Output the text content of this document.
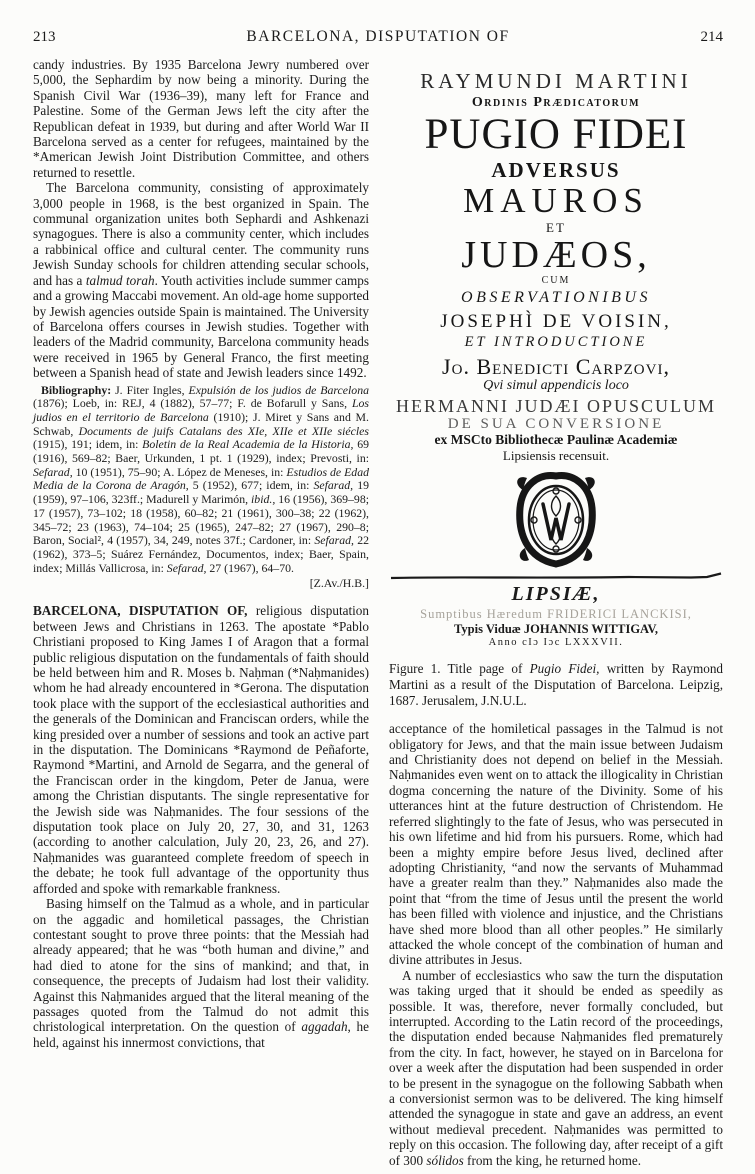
213	BARCELONA, DISPUTATION OF	214

candy industries. By 1935 Barcelona Jewry numbered over 5,000, the Sephardim by now being a minority. During the Spanish Civil War (1936–39), many left for France and Palestine. Some of the German Jews left the city after the Republican defeat in 1939, but during and after World War II Barcelona served as a center for refugees, maintained by the *American Jewish Joint Distribution Committee, and others returned to resettle.

The Barcelona community, consisting of approximately 3,000 people in 1968, is the best organized in Spain. The communal organization unites both Sephardi and Ashkenazi synagogues. There is also a community center, which includes a rabbinical office and cultural center. The community runs Jewish Sunday schools for children attending secular schools, and has a talmud torah. Youth activities include summer camps and a growing Maccabi movement. An old-age home supported by Jewish agencies outside Spain is maintained. The University of Barcelona offers courses in Jewish studies. Together with leaders of the Madrid community, Barcelona community heads were received in 1965 by General Franco, the first meeting between a Spanish head of state and Jewish leaders since 1492.

Bibliography: J. Fiter Ingles, Expulsión de los judios de Barcelona (1876); Loeb, in: REJ, 4 (1882), 57–77; F. de Bofarull y Sans, Los judios en el territorio de Barcelona (1910); J. Miret y Sans and M. Schwab, Documents de juifs Catalans des XIe, XIIe et XIIe siécles (1915), 191; idem, in: Boletin de la Real Academia de la Historia, 69 (1916), 569–82; Baer, Urkunden, 1 pt. 1 (1929), index; Prevosti, in: Sefarad, 10 (1951), 75–90; A. López de Meneses, in: Estudios de Edad Media de la Corona de Aragón, 5 (1952), 677; idem, in: Sefarad, 19 (1959), 97–106, 323ff.; Madurell y Marimón, ibid., 16 (1956), 369–98; 17 (1957), 73–102; 18 (1958), 60–82; 21 (1961), 300–38; 22 (1962), 345–72; 23 (1963), 74–104; 25 (1965), 247–82; 27 (1967), 290–8; Baron, Social², 4 (1957), 34, 249, notes 37f.; Cardoner, in: Sefarad, 22 (1962), 373–5; Suárez Fernández, Documentos, index; Baer, Spain, index; Millás Vallicrosa, in: Sefarad, 27 (1967), 64–70.

[Z.Av./H.B.]

BARCELONA, DISPUTATION OF, religious disputation between Jews and Christians in 1263. The apostate *Pablo Christiani proposed to King James I of Aragon that a formal public religious disputation on the fundamentals of faith should be held between him and R. Moses b. Naḥman (*Naḥmanides) whom he had already encountered in *Gerona. The disputation took place with the support of the ecclesiastical authorities and the generals of the Dominican and Franciscan orders, while the king presided over a number of sessions and took an active part in the disputation. The Dominicans *Raymond de Peñaforte, Raymond *Martini, and Arnold de Segarra, and the general of the Franciscan order in the kingdom, Peter de Janua, were among the Christian disputants. The single representative for the Jewish side was Naḥmanides. The four sessions of the disputation took place on July 20, 27, 30, and 31, 1263 (according to another calculation, July 20, 23, 26, and 27). Naḥmanides was guaranteed complete freedom of speech in the debate; he took full advantage of the opportunity thus afforded and spoke with remarkable frankness.

Basing himself on the Talmud as a whole, and in particular on the aggadic and homiletical passages, the Christian contestant sought to prove three points: that the Messiah had already appeared; that he was “both human and divine,” and had died to atone for the sins of mankind; and that, in consequence, the precepts of Judaism had lost their validity. Against this Naḥmanides argued that the literal meaning of the passages quoted from the Talmud do not admit this christological interpretation. On the question of aggadah, he held, against his innermost convictions, that

RAYMUNDI MARTINI
Ordinis Prædicatorum
PUGIO FIDEI
ADVERSUS
MAUROS
ET
JUDÆOS,
CUM
OBSERVATIONIBUS
JOSEPHÌ DE VOISIN,
ET INTRODUCTIONE
Jo. Benedicti Carpzovi,
Qvi simul appendicis loco
HERMANNI JUDÆI OPUSCULUM
DE SUA CONVERSIONE
ex MSCto Bibliothecæ Paulinæ Academiæ
Lipsiensis recensuit.
LIPSIÆ,
Sumptibus Hæredum FRIDERICI LANCKISI,
Typis Viduæ JOHANNIS WITTIGAV,
Anno cIɔ Iɔc LXXXVII.
Figure 1. Title page of Pugio Fidei, written by Raymond Martini as a result of the Disputation of Barcelona. Leipzig, 1687. Jerusalem, J.N.U.L.

acceptance of the homiletical passages in the Talmud is not obligatory for Jews, and that the main issue between Judaism and Christianity does not depend on belief in the Messiah. Naḥmanides even went on to attack the illogicality in Christian dogma concerning the nature of the Divinity. Some of his utterances hint at the future destruction of Christendom. He referred slightingly to the fate of Jesus, who was persecuted in his own lifetime and hid from his pursuers. Rome, which had been a mighty empire before Jesus lived, declined after adopting Christianity, “and now the servants of Muhammad have a greater realm than they.” Naḥmanides also made the point that “from the time of Jesus until the present the world has been filled with violence and injustice, and the Christians have shed more blood than all other peoples.” He similarly attacked the whole concept of the combination of human and divine attributes in Jesus.

A number of ecclesiastics who saw the turn the disputation was taking urged that it should be ended as speedily as possible. It was, therefore, never formally concluded, but interrupted. According to the Latin record of the proceedings, the disputation ended because Naḥmanides fled prematurely from the city. In fact, however, he stayed on in Barcelona for over a week after the disputation had been suspended in order to be present in the synagogue on the following Sabbath when a conversionist sermon was to be delivered. The king himself attended the synagogue in state and gave an address, an event without medieval precedent. Naḥmanides was permitted to reply on this occasion. The following day, after receipt of a gift of 300 sólidos from the king, he returned home.
